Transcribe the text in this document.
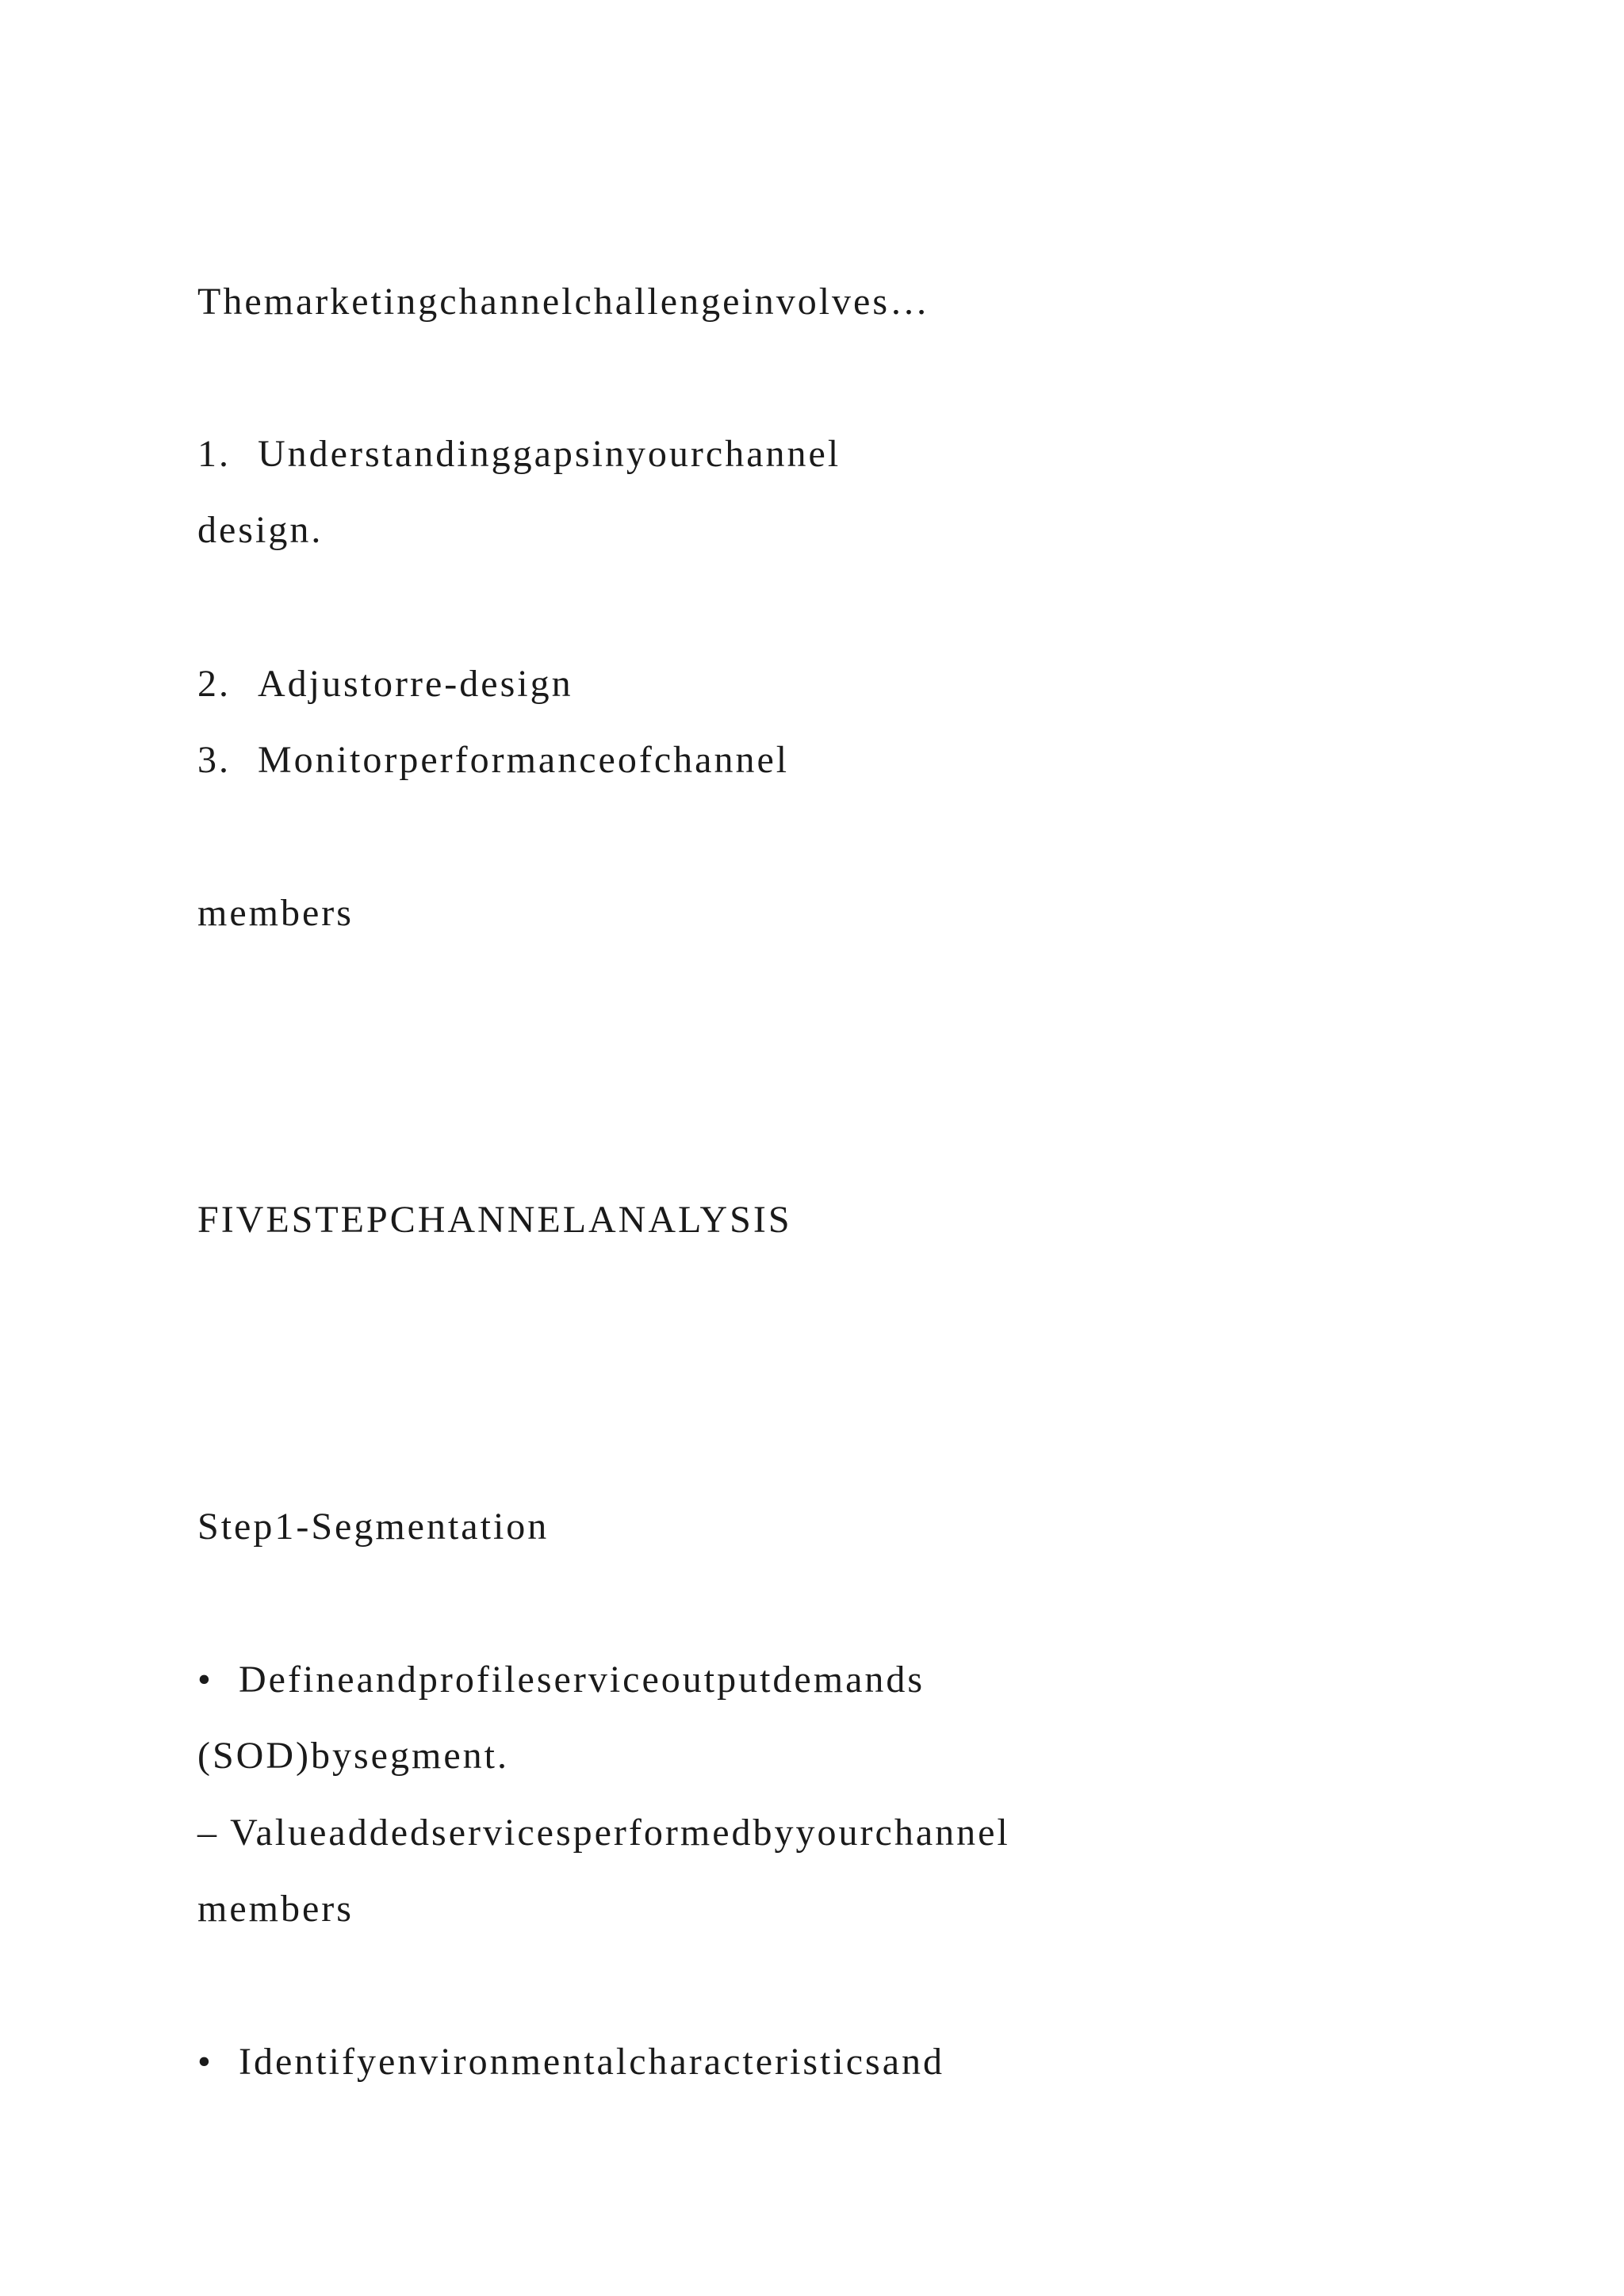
Themarketingchannelchallengeinvolves…
1. Understandinggapsinyourchannel
design.
2. Adjustorre-design
3. Monitorperformanceofchannel
members
FIVESTEPCHANNELANALYSIS
Step1-Segmentation
• Defineandprofileserviceoutputdemands
(SOD)bysegment.
– Valueaddedservicesperformedbyyourchannel
members
• Identifyenvironmentalcharacteristicsand
